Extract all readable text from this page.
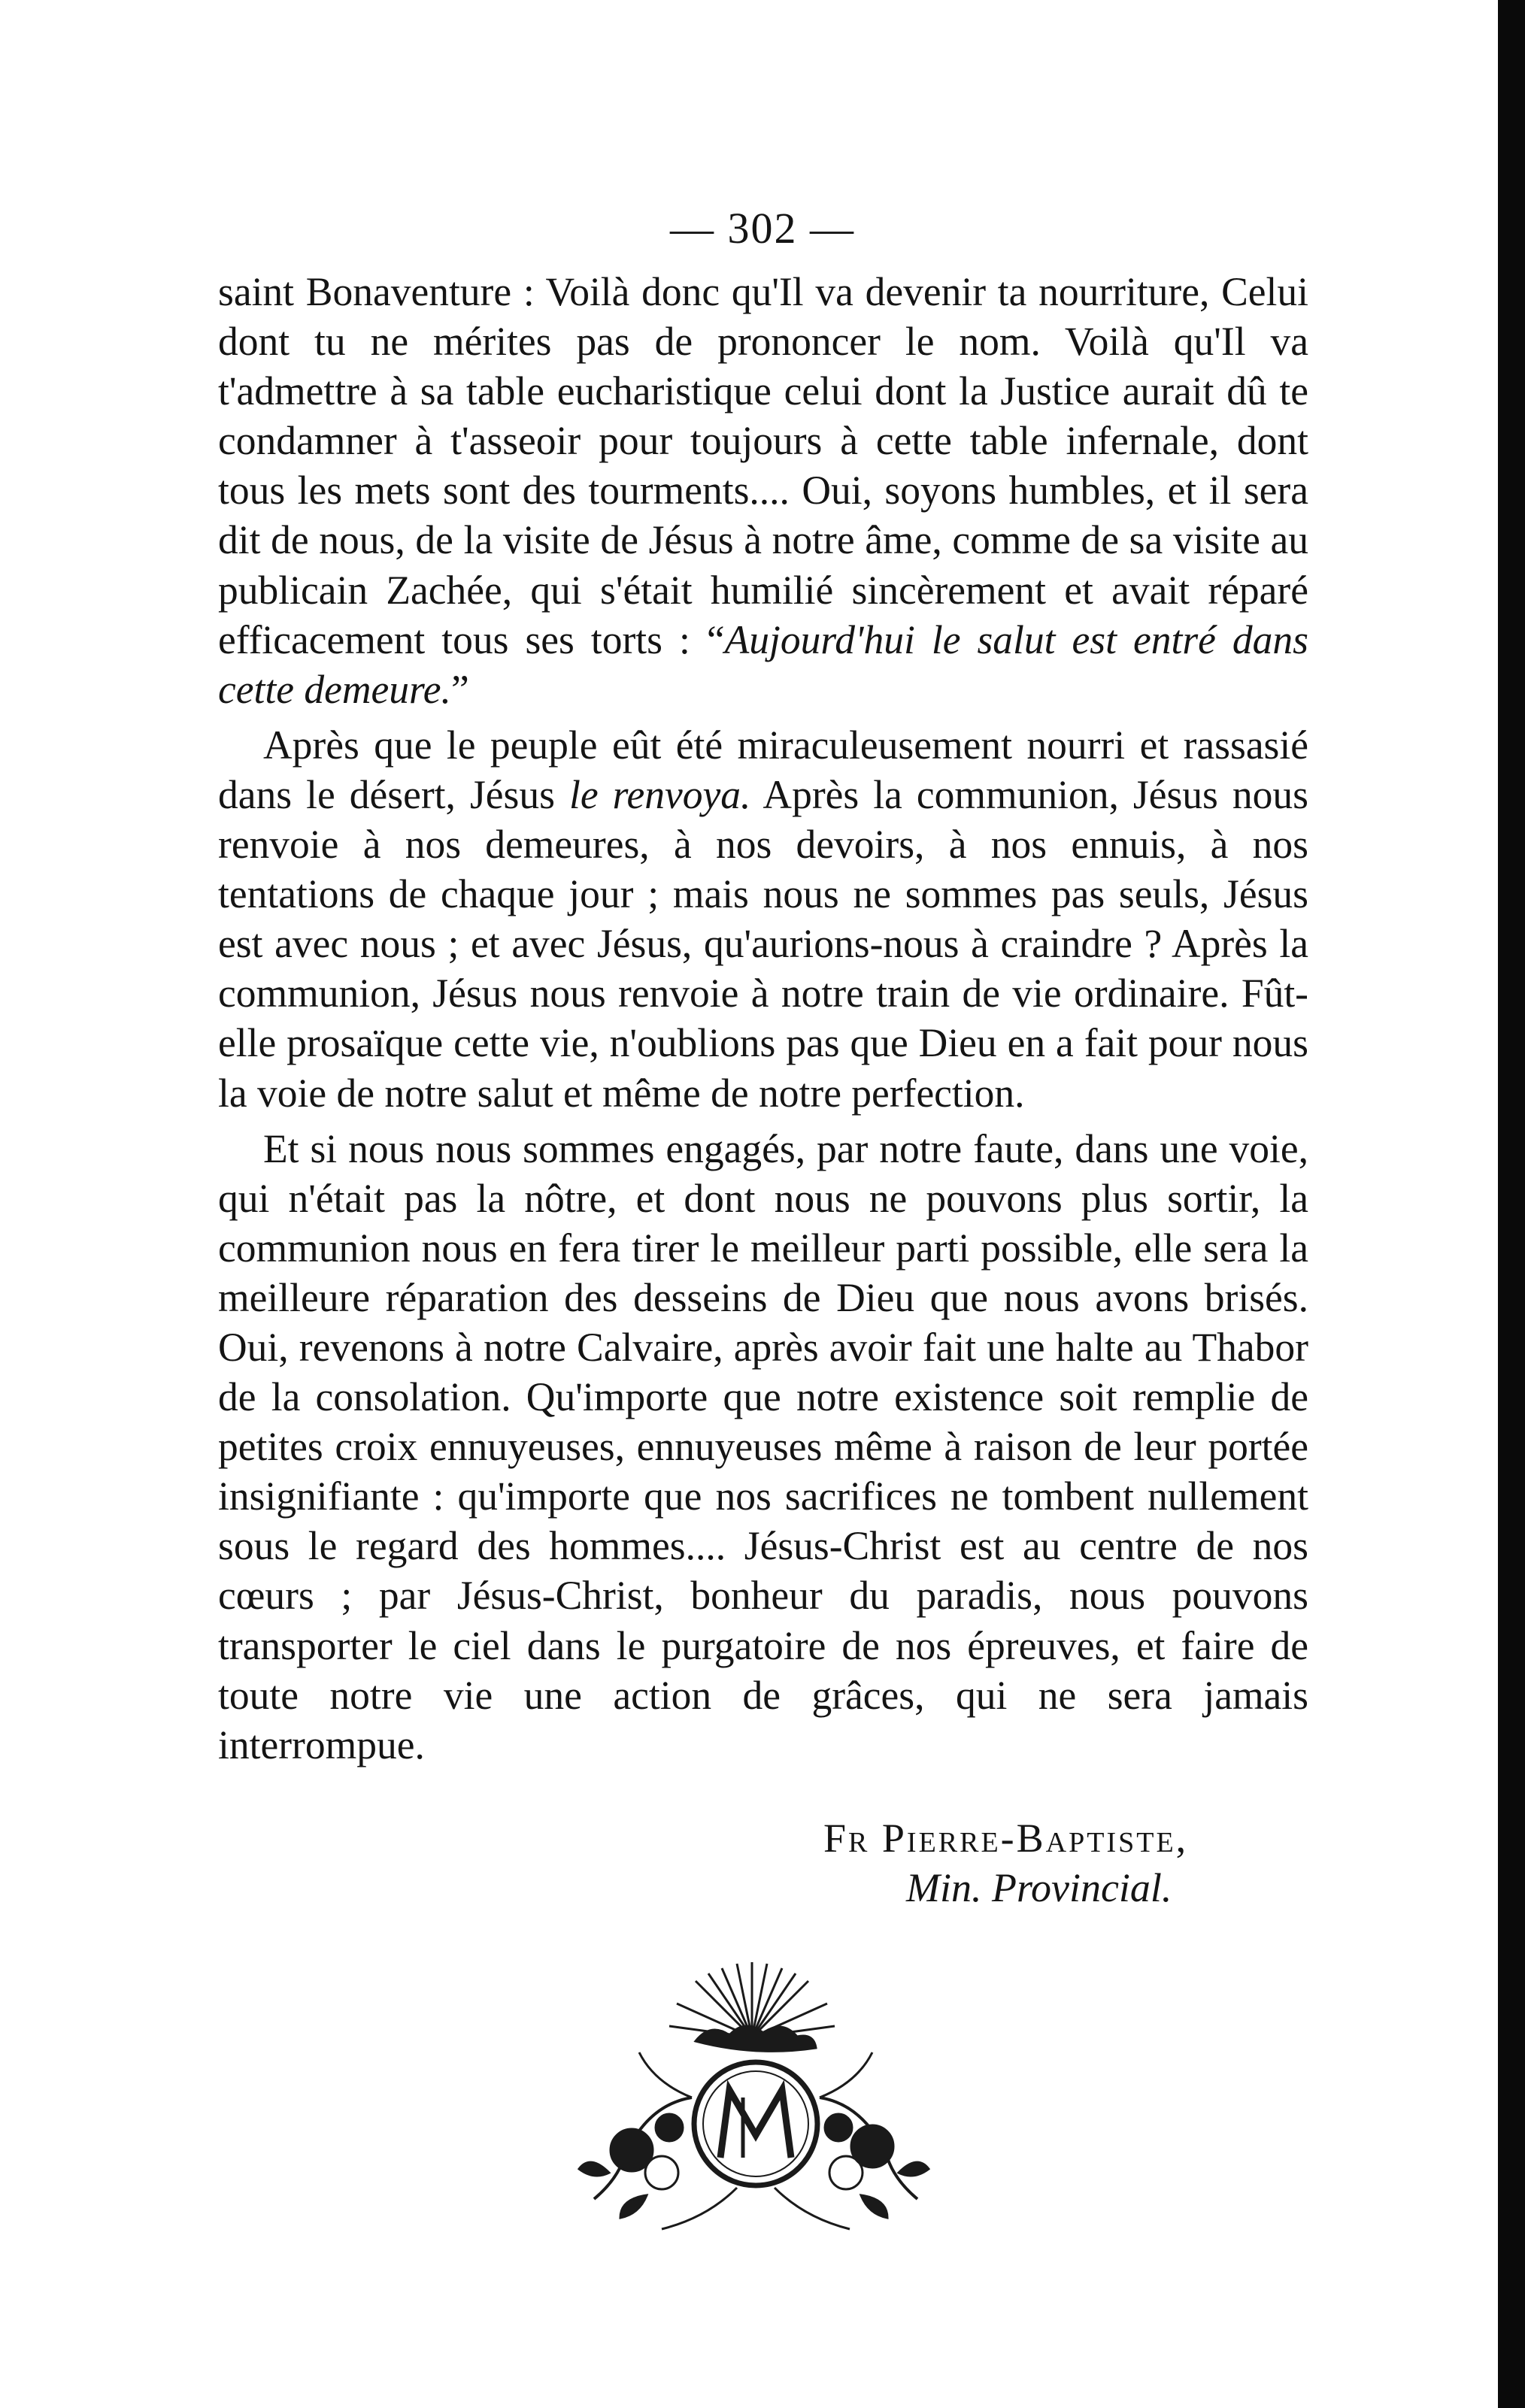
— 302 —

saint Bonaventure : Voilà donc qu'Il va devenir ta nourriture, Celui dont tu ne mérites pas de prononcer le nom. Voilà qu'Il va t'admettre à sa table eucharistique celui dont la Justice aurait dû te condamner à t'asseoir pour toujours à cette table infernale, dont tous les mets sont des tourments.... Oui, soyons humbles, et il sera dit de nous, de la visite de Jésus à notre âme, comme de sa visite au publicain Zachée, qui s'était humilié sincèrement et avait réparé efficacement tous ses torts : “Aujourd'hui le salut est entré dans cette demeure.”

Après que le peuple eût été miraculeusement nourri et rassasié dans le désert, Jésus le renvoya. Après la communion, Jésus nous renvoie à nos demeures, à nos devoirs, à nos ennuis, à nos tentations de chaque jour ; mais nous ne sommes pas seuls, Jésus est avec nous ; et avec Jésus, qu'aurions-nous à craindre ? Après la communion, Jésus nous renvoie à notre train de vie ordinaire. Fût-elle prosaïque cette vie, n'oublions pas que Dieu en a fait pour nous la voie de notre salut et même de notre perfection.

Et si nous nous sommes engagés, par notre faute, dans une voie, qui n'était pas la nôtre, et dont nous ne pouvons plus sortir, la communion nous en fera tirer le meilleur parti possible, elle sera la meilleure réparation des desseins de Dieu que nous avons brisés. Oui, revenons à notre Calvaire, après avoir fait une halte au Thabor de la consolation. Qu'importe que notre existence soit remplie de petites croix ennuyeuses, ennuyeuses même à raison de leur portée insignifiante : qu'importe que nos sacrifices ne tombent nullement sous le regard des hommes.... Jésus-Christ est au centre de nos cœurs ; par Jésus-Christ, bonheur du paradis, nous pouvons transporter le ciel dans le purgatoire de nos épreuves, et faire de toute notre vie une action de grâces, qui ne sera jamais interrompue.

Fr Pierre-Baptiste,
Min. Provincial.
